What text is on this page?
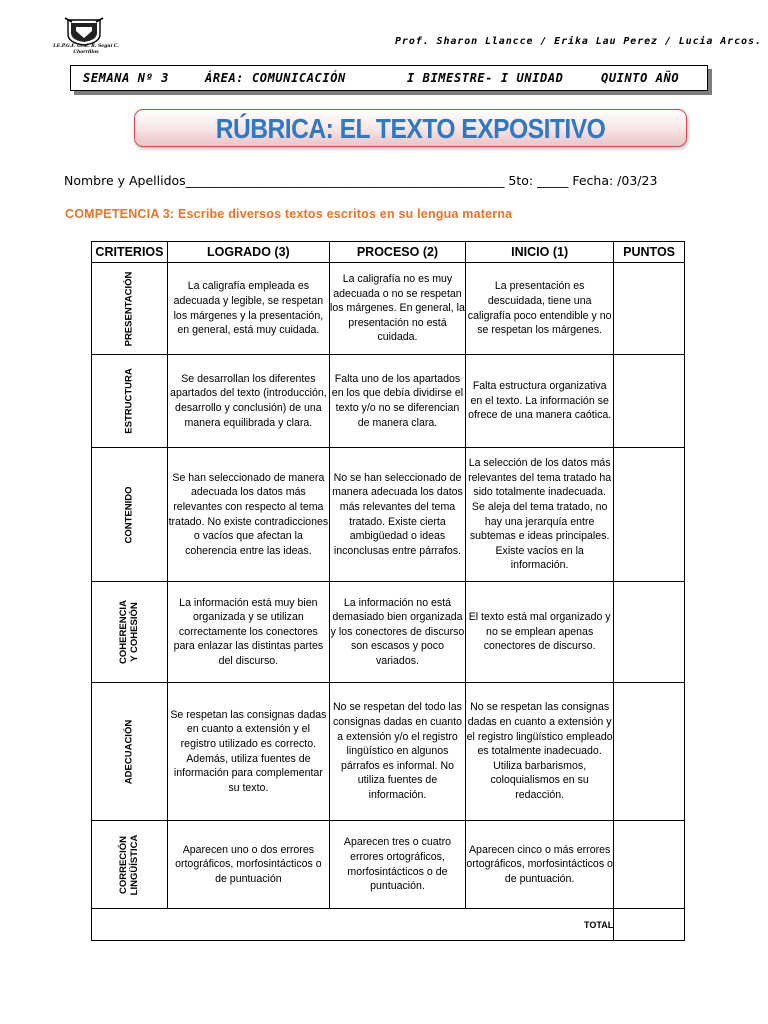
I.E.P.G.F. Gral. R. Seguí C. Chorrillos
Prof. Sharon Llancce / Erika Lau Perez / Lucia Arcos.
SEMANA Nº 3	ÁREA: COMUNICACIÓN	I BIMESTRE- I UNIDAD	QUINTO AÑO
RÚBRICA: EL TEXTO EXPOSITIVO
Nombre y Apellidos___________________________________________________ 5to: _____ Fecha: /03/23
COMPETENCIA 3: Escribe diversos textos escritos en su lengua materna
CRITERIOS	LOGRADO (3)	PROCESO (2)	INICIO (1)	PUNTOS

PRESENTACIÓN	La caligrafía empleada es adecuada y legible, se respetan los márgenes y la presentación, en general, está muy cuidada.	La caligrafía no es muy adecuada o no se respetan los márgenes. En general, la presentación no está cuidada.	La presentación es descuidada, tiene una caligrafía poco entendible y no se respetan los márgenes.	

ESTRUCTURA	Se desarrollan los diferentes apartados del texto (introducción, desarrollo y conclusión) de una manera equilibrada y clara.	Falta uno de los apartados en los que debía dividirse el texto y/o no se diferencian de manera clara.	Falta estructura organizativa en el texto. La información se ofrece de una manera caótica.	

CONTENIDO	Se han seleccionado de manera adecuada los datos más relevantes con respecto al tema tratado. No existe contradicciones o vacíos que afectan la coherencia entre las ideas.	No se han seleccionado de manera adecuada los datos más relevantes del tema tratado. Existe cierta ambigüedad o ideas inconclusas entre párrafos.	La selección de los datos más relevantes del tema tratado ha sido totalmente inadecuada. Se aleja del tema tratado, no hay una jerarquía entre subtemas e ideas principales. Existe vacíos en la información.	

COHERENCIA Y COHESIÓN	La información está muy bien organizada y se utilizan correctamente los conectores para enlazar las distintas partes del discurso.	La información no está demasiado bien organizada y los conectores de discurso son escasos y poco variados.	El texto está mal organizado y no se emplean apenas conectores de discurso.	

ADECUACIÓN	Se respetan las consignas dadas en cuanto a extensión y el registro utilizado es correcto. Además, utiliza fuentes de información para complementar su texto.	No se respetan del todo las consignas dadas en cuanto a extensión y/o el registro lingüístico en algunos párrafos es informal. No utiliza fuentes de información.	No se respetan las consignas dadas en cuanto a extensión y el registro lingüístico empleado es totalmente inadecuado. Utiliza barbarismos, coloquialismos en su redacción.	

CORRECIÓN LINGÜÍSTICA	Aparecen uno o dos errores ortográficos, morfosintácticos o de puntuación	Aparecen tres o cuatro errores ortográficos, morfosintácticos o de puntuación.	Aparecen cinco o más errores ortográficos, morfosintácticos o de puntuación.	
TOTAL				
